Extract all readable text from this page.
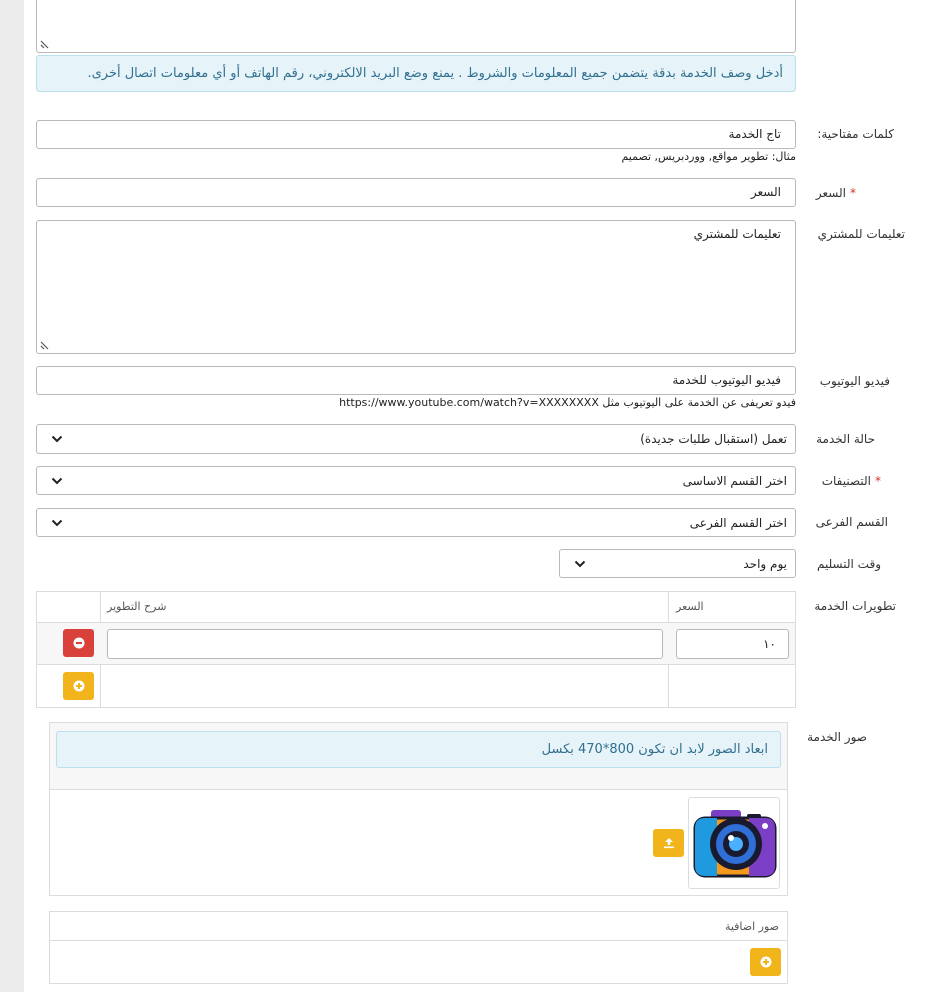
أدخل وصف الخدمة بدقة يتضمن جميع المعلومات والشروط . يمنع وضع البريد الالكتروني، رقم الهاتف أو أي معلومات اتصال أخرى.
كلمات مفتاحية:
تاج الخدمة
مثال: تطوير مواقع, ووردبريس, تصميم
*السعر
السعر
تعليمات للمشتري
تعليمات للمشتري
فيديو اليوتيوب
فيديو اليوتيوب للخدمة
فيدو تعريفى عن الخدمة على اليوتيوب مثل https://www.youtube.com/watch?v=XXXXXXXX
حالة الخدمة
تعمل (استقبال طلبات جديدة)
*التصنيفات
اختر القسم الاساسى
القسم الفرعى
اختر القسم الفرعى
وقت التسليم
يوم واحد
تطويرات الخدمة
السعر
شرح التطوير
١٠
صور الخدمة
ابعاد الصور لابد ان تكون 800*470 بكسل
صور اضافية
